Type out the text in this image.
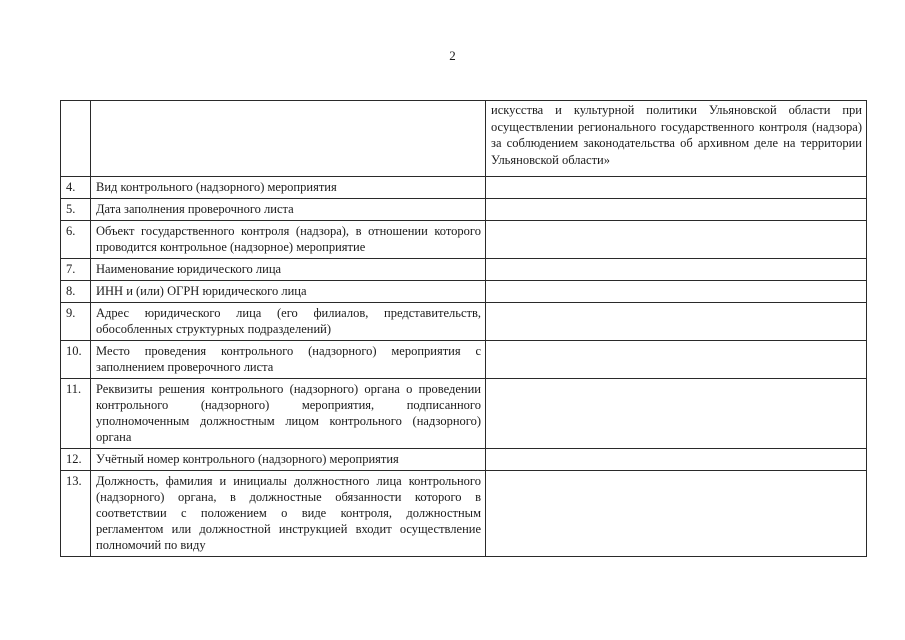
2
		искусства и культурной политики Ульяновской области при осуществлении регионального государственного контроля (надзора) за соблюдением законодательства об архивном деле на территории Ульяновской области»
4.	Вид контрольного (надзорного) мероприятия	
5.	Дата заполнения проверочного листа	
6.	Объект государственного контроля (надзора), в отношении которого проводится контрольное (надзорное) мероприятие	
7.	Наименование юридического лица	
8.	ИНН и (или) ОГРН юридического лица	
9.	Адрес юридического лица (его филиалов, представительств, обособленных структурных подразделений)	
10.	Место проведения контрольного (надзорного) мероприятия с заполнением проверочного листа	
11.	Реквизиты решения контрольного (надзорного) органа о проведении контрольного (надзорного) мероприятия, подписанного уполномоченным должностным лицом контрольного (надзорного) органа	
12.	Учётный номер контрольного (надзорного) мероприятия	
13.	Должность, фамилия и инициалы должностного лица контрольного (надзорного) органа, в должностные обязанности которого в соответствии с положением о виде контроля, должностным регламентом или должностной инструкцией входит осуществление полномочий по виду	
